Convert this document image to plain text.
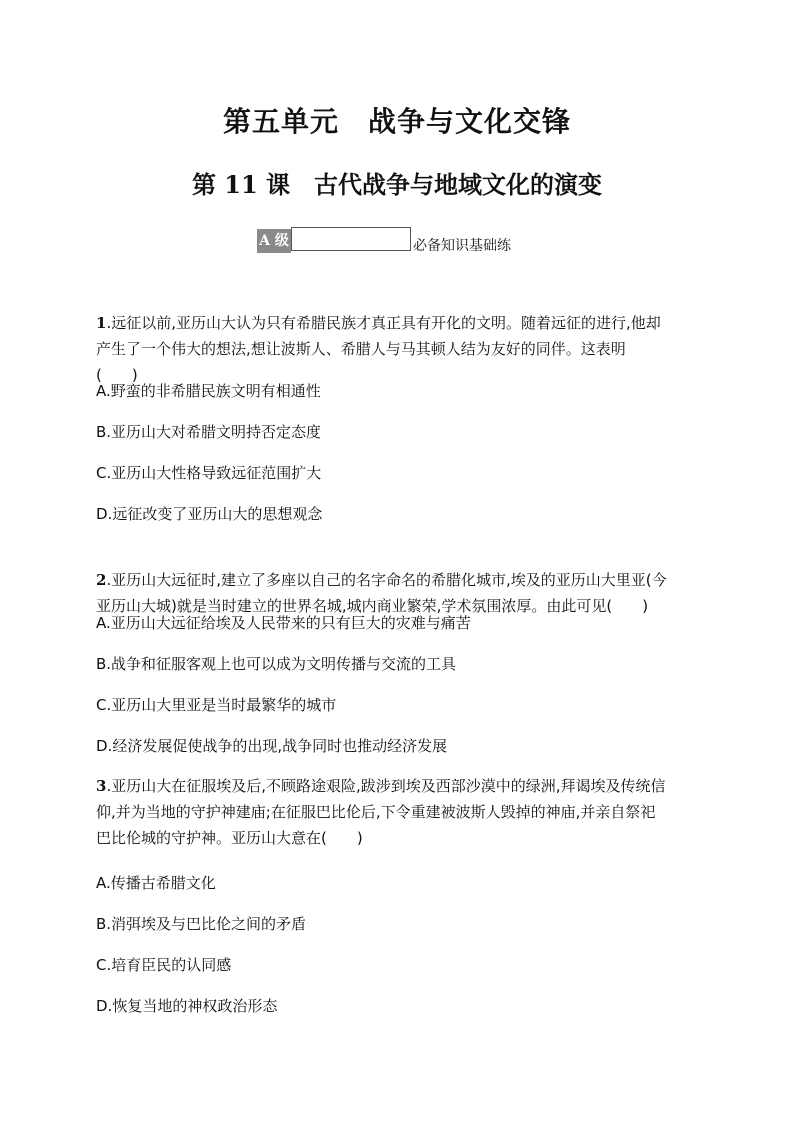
第五单元　战争与文化交锋
第 11 课　古代战争与地域文化的演变
A 级	必备知识基础练
1.远征以前,亚历山大认为只有希腊民族才真正具有开化的文明。随着远征的进行,他却
产生了一个伟大的想法,想让波斯人、希腊人与马其顿人结为友好的同伴。这表明
(　　)
A.野蛮的非希腊民族文明有相通性
B.亚历山大对希腊文明持否定态度
C.亚历山大性格导致远征范围扩大
D.远征改变了亚历山大的思想观念
2.亚历山大远征时,建立了多座以自己的名字命名的希腊化城市,埃及的亚历山大里亚(今
亚历山大城)就是当时建立的世界名城,城内商业繁荣,学术氛围浓厚。由此可见(　　)
A.亚历山大远征给埃及人民带来的只有巨大的灾难与痛苦
B.战争和征服客观上也可以成为文明传播与交流的工具
C.亚历山大里亚是当时最繁华的城市
D.经济发展促使战争的出现,战争同时也推动经济发展
3.亚历山大在征服埃及后,不顾路途艰险,跋涉到埃及西部沙漠中的绿洲,拜谒埃及传统信
仰,并为当地的守护神建庙;在征服巴比伦后,下令重建被波斯人毁掉的神庙,并亲自祭祀
巴比伦城的守护神。亚历山大意在(　　)
A.传播古希腊文化
B.消弭埃及与巴比伦之间的矛盾
C.培育臣民的认同感
D.恢复当地的神权政治形态
